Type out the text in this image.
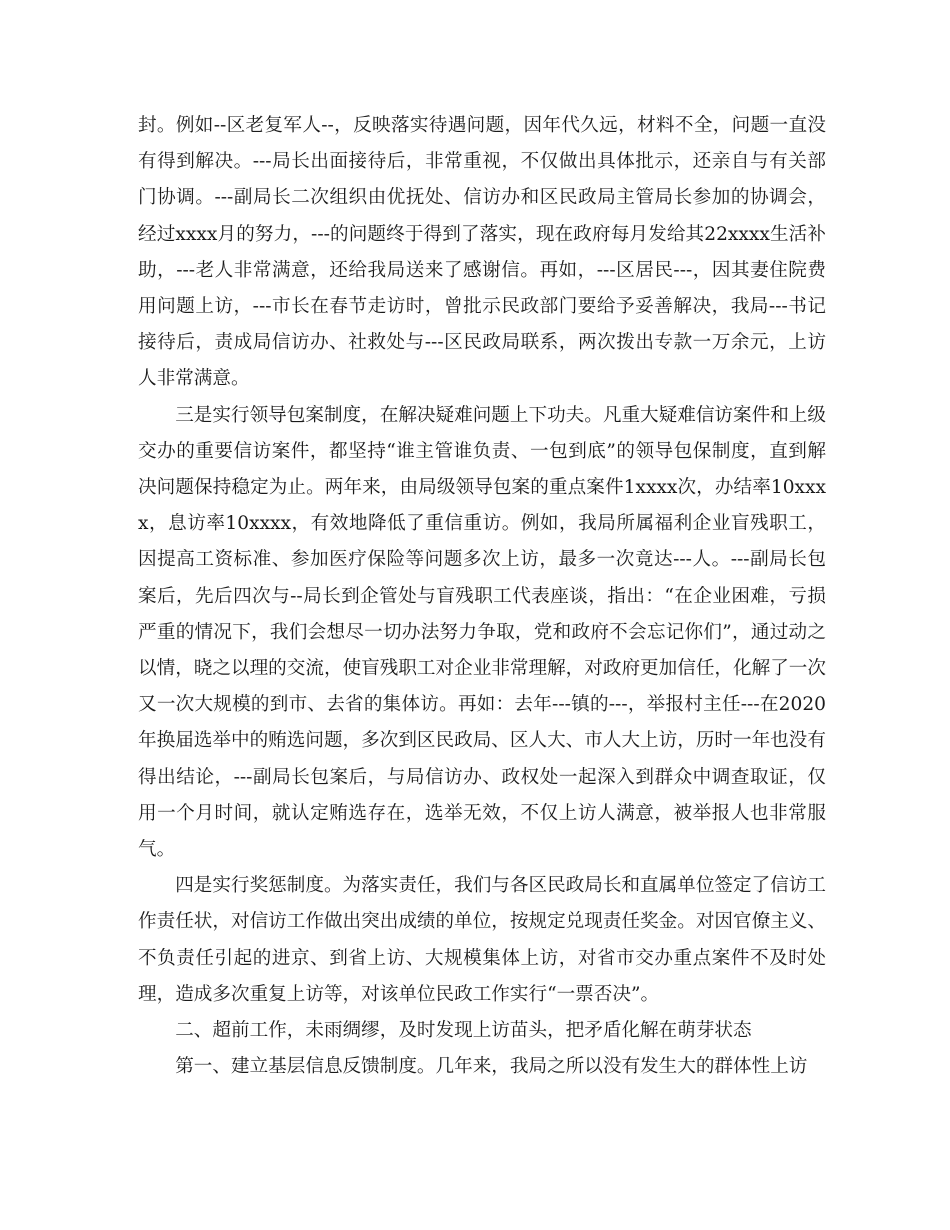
封。例如--区老复军人--，反映落实待遇问题，因年代久远，材料不全，问题一直没有得到解决。---局长出面接待后，非常重视，不仅做出具体批示，还亲自与有关部门协调。---副局长二次组织由优抚处、信访办和区民政局主管局长参加的协调会，经过xxxx月的努力，---的问题终于得到了落实，现在政府每月发给其22xxxx生活补助，---老人非常满意，还给我局送来了感谢信。再如，---区居民---，因其妻住院费用问题上访，---市长在春节走访时，曾批示民政部门要给予妥善解决，我局---书记接待后，责成局信访办、社救处与---区民政局联系，两次拨出专款一万余元，上访人非常满意。

三是实行领导包案制度，在解决疑难问题上下功夫。凡重大疑难信访案件和上级交办的重要信访案件，都坚持“谁主管谁负责、一包到底”的领导包保制度，直到解决问题保持稳定为止。两年来，由局级领导包案的重点案件1xxxx次，办结率10xxxx，息访率10xxxx，有效地降低了重信重访。例如，我局所属福利企业盲残职工，因提高工资标准、参加医疗保险等问题多次上访，最多一次竟达---人。---副局长包案后，先后四次与--局长到企管处与盲残职工代表座谈，指出：“在企业困难，亏损严重的情况下，我们会想尽一切办法努力争取，党和政府不会忘记你们”，通过动之以情，晓之以理的交流，使盲残职工对企业非常理解，对政府更加信任，化解了一次又一次大规模的到市、去省的集体访。再如：去年---镇的---，举报村主任---在2020年换届选举中的贿选问题，多次到区民政局、区人大、市人大上访，历时一年也没有得出结论，---副局长包案后，与局信访办、政权处一起深入到群众中调查取证，仅用一个月时间，就认定贿选存在，选举无效，不仅上访人满意，被举报人也非常服气。

四是实行奖惩制度。为落实责任，我们与各区民政局长和直属单位签定了信访工作责任状，对信访工作做出突出成绩的单位，按规定兑现责任奖金。对因官僚主义、不负责任引起的进京、到省上访、大规模集体上访，对省市交办重点案件不及时处理，造成多次重复上访等，对该单位民政工作实行“一票否决”。

二、超前工作，未雨绸缪，及时发现上访苗头，把矛盾化解在萌芽状态

第一、建立基层信息反馈制度。几年来，我局之所以没有发生大的群体性上访
